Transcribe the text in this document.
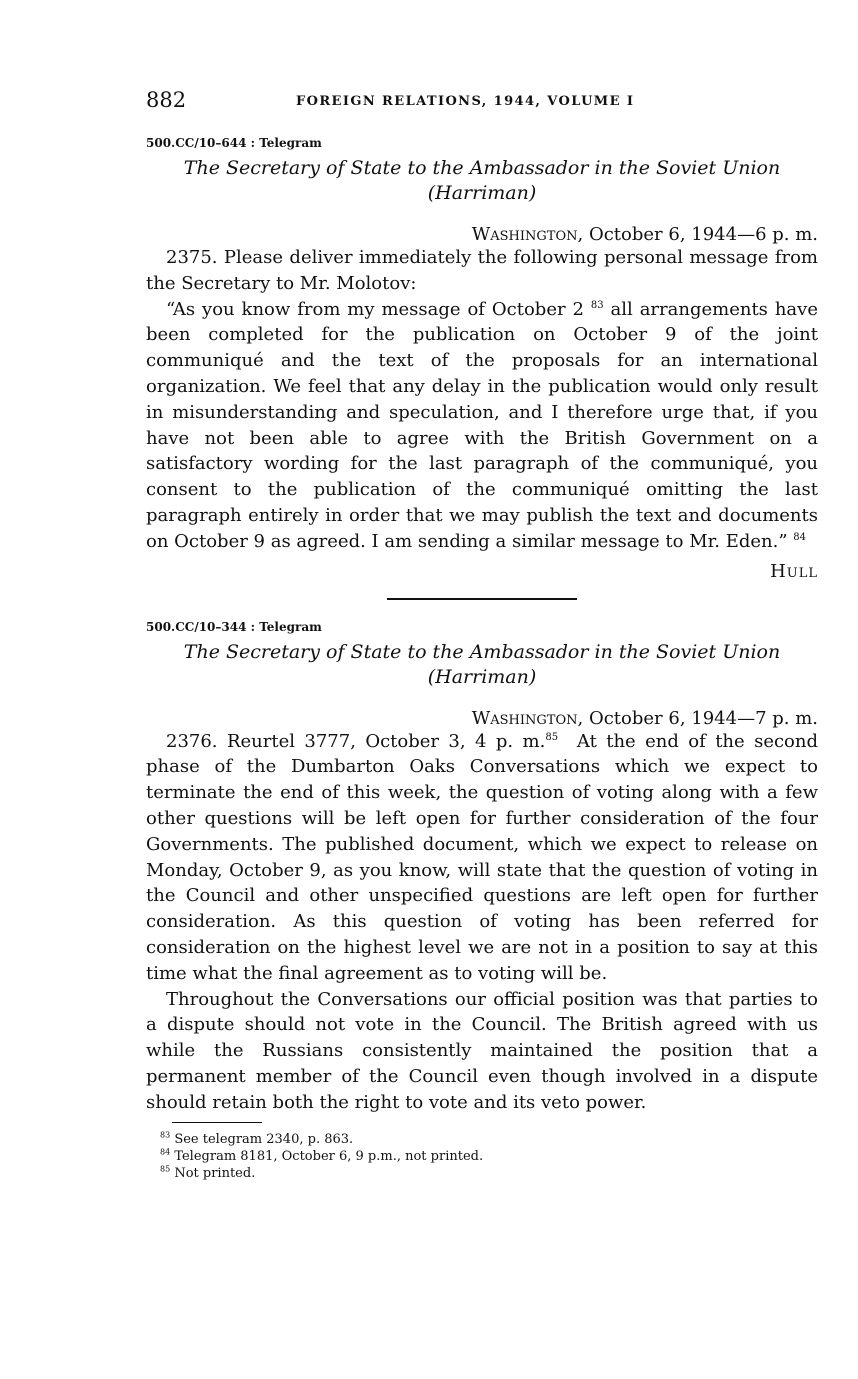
882	FOREIGN RELATIONS, 1944, VOLUME I
500.CC/10–644 : Telegram
The Secretary of State to the Ambassador in the Soviet Union (Harriman)
Washington, October 6, 1944—6 p. m.

2375. Please deliver immediately the following personal message from the Secretary to Mr. Molotov:

“As you know from my message of October 2 $^{83}$ all arrangements have been completed for the publication on October 9 of the joint communiqué and the text of the proposals for an international organization. We feel that any delay in the publication would only result in misunderstanding and speculation, and I therefore urge that, if you have not been able to agree with the British Government on a satisfactory wording for the last paragraph of the communiqué, you consent to the publication of the communiqué omitting the last paragraph entirely in order that we may publish the text and documents on October 9 as agreed. I am sending a similar message to Mr. Eden.” $^{84}$

Hull
500.CC/10–344 : Telegram
The Secretary of State to the Ambassador in the Soviet Union (Harriman)
Washington, October 6, 1944—7 p. m.

2376. Reurtel 3777, October 3, 4 p. m.$^{85}$ At the end of the second phase of the Dumbarton Oaks Conversations which we expect to terminate the end of this week, the question of voting along with a few other questions will be left open for further consideration of the four Governments. The published document, which we expect to release on Monday, October 9, as you know, will state that the question of voting in the Council and other unspecified questions are left open for further consideration. As this question of voting has been referred for consideration on the highest level we are not in a position to say at this time what the final agreement as to voting will be.

Throughout the Conversations our official position was that parties to a dispute should not vote in the Council. The British agreed with us while the Russians consistently maintained the position that a permanent member of the Council even though involved in a dispute should retain both the right to vote and its veto power.

$^{83}$ See telegram 2340, p. 863.
$^{84}$ Telegram 8181, October 6, 9 p.m., not printed.
$^{85}$ Not printed.
